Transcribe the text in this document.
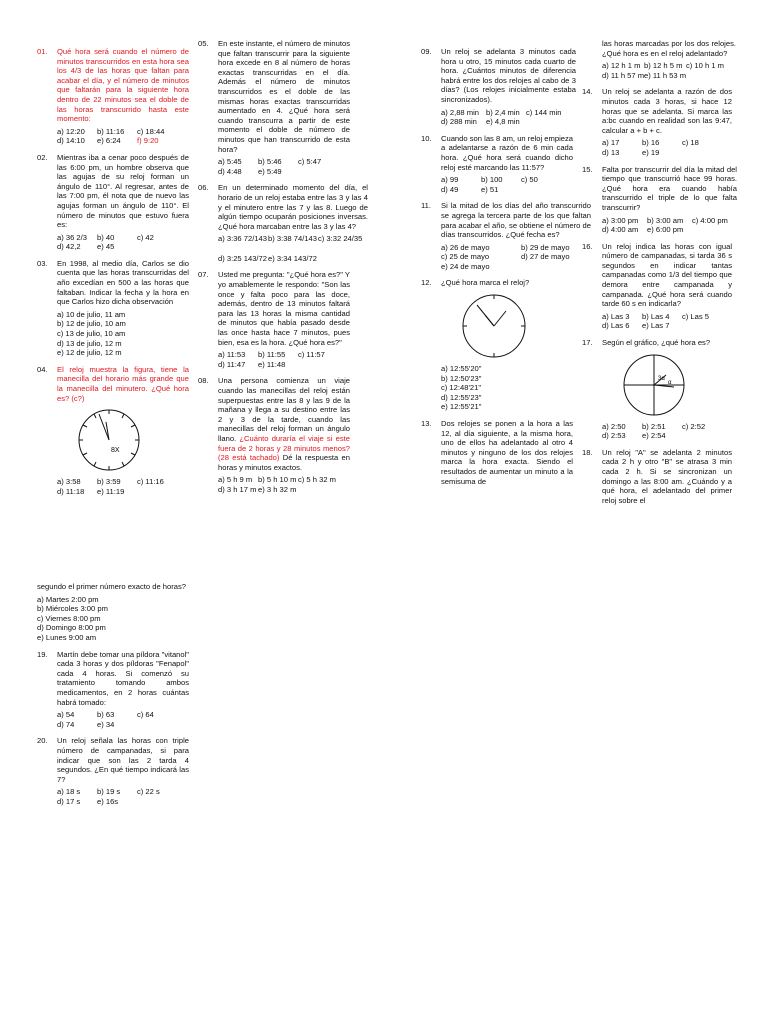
01.	Qué hora será cuando el número de minutos transcurridos en esta hora sea los 4/3 de las horas que faltan para acabar el día, y el número de minutos que faltarán para la siguiente hora dentro de 22 minutos sea el doble de las horas transcurrido hasta este momento:
a) 12:20	b) 11:16	c) 18:44
d) 14:10	e) 6:24	f) 9:20
02.	Mientras iba a cenar poco después de las 6:00 pm, un hombre observa que las agujas de su reloj forman un ángulo de 110°. Al regresar, antes de las 7:00 pm, él nota que de nuevo las agujas forman un ángulo de 110°. El número de minutos que estuvo fuera es:
a) 36 2/3	b) 40	c) 42
d) 42,2	e) 45
03.	En 1998, al medio día, Carlos se dio cuenta que las horas transcurridas del año excedían en 500 a las horas que faltaban. Indicar la fecha y la hora en que Carlos hizo dicha observación
a) 10 de julio, 11 am
b) 12 de julio, 10 am
c) 13 de julio, 10 am
d) 13 de julio, 12 m
e) 12 de julio, 12 m
04.	El reloj muestra la figura, tiene la manecilla del horario más grande que la manecilla del minutero. ¿Qué hora es? (c?)
8X
a) 3:58	b) 3:59	c) 11:16
d) 11:18	e) 11:19
segundo el primer número exacto de horas?
a) Martes 2:00 pm
b) Miércoles 3:00 pm
c) Viernes 8:00 pm
d) Domingo 8:00 pm
e) Lunes 9:00 am
19.	Martín debe tomar una píldora "vitanol" cada 3 horas y dos píldoras "Fenapol" cada 4 horas. Si comenzó su tratamiento tomando ambos medicamentos, en 2 horas cuántas habrá tomado:
a) 54	b) 63	c) 64
d) 74	e) 34
20.	Un reloj señala las horas con triple número de campanadas, si para indicar que son las 2 tarda 4 segundos. ¿En qué tiempo indicará las 7?
a) 18 s	b) 19 s	c) 22 s
d) 17 s	e) 16s
05.	En este instante, el número de minutos que faltan transcurrir para la siguiente hora excede en 8 al número de horas exactas transcurridas en el día. Además el número de minutos transcurridos es el doble de las mismas horas exactas transcurridas aumentado en 4. ¿Qué hora será cuando transcurra a partir de este momento el doble de número de minutos que han transcurrido de esta hora?
a) 5:45	b) 5:46	c) 5:47
d) 4:48	e) 5:49
06.	En un determinado momento del día, el horario de un reloj estaba entre las 3 y las 4 y el minutero entre las 7 y las 8. Luego de algún tiempo ocuparán posiciones inversas. ¿Qué hora marcaban entre las 3 y las 4?
a) 3:36 72/143 b) 3:38 74/143 c) 3:32 24/35
d) 3:25 143/72 e) 3:34 143/72
07.	Usted me pregunta: "¿Qué hora es?" Y yo amablemente le respondo: "Son las once y falta poco para las doce, además, dentro de 13 minutos faltará para las 13 horas la misma cantidad de minutos que había pasado desde las once hasta hace 7 minutos, pues bien, esa es la hora. ¿Qué hora es?"
a) 11:53	b) 11:55	c) 11:57
d) 11:47	e) 11:48
08.	Una persona comienza un viaje cuando las manecillas del reloj están superpuestas entre las 8 y las 9 de la mañana y llega a su destino entre las 2 y 3 de la tarde, cuando las manecillas del reloj forman un ángulo llano. ¿Cuánto duraría el viaje si este fuera de 2 horas y 28 minutos menos? (28 está tachado) Dé la respuesta en horas y minutos exactos.
a) 5 h 9 m b) 5 h 10 m c) 5 h 32 m
d) 3 h 17 m e) 3 h 32 m
09.	Un reloj se adelanta 3 minutos cada hora u otro, 15 minutos cada cuarto de hora. ¿Cuántos minutos de diferencia habrá entre los dos relojes al cabo de 3 días? (Los relojes inicialmente estaba sincronizados).
a) 2,88 min b) 2,4 min c) 144 min
d) 288 min	e) 4,8 min
10.	Cuando son las 8 am, un reloj empieza a adelantarse a razón de 6 min cada hora. ¿Qué hora será cuando dicho reloj esté marcando las 11:57?
a) 99	b) 100	c) 50
d) 49	e) 51
11.	Si la mitad de los días del año transcurrido se agrega la tercera parte de los que faltan para acabar el año, se obtiene el número de días transcurridos. ¿Qué fecha es?
a) 26 de mayo	b) 29 de mayo
c) 25 de mayo	d) 27 de mayo
e) 24 de mayo
12.	¿Qué hora marca el reloj?
a) 12:55'20"
b) 12:50'23"
c) 12:48'21"
d) 12:55'23"
e) 12:55'21"
13.	Dos relojes se ponen a la hora a las 12, al día siguiente, a la misma hora, uno de ellos ha adelantado al otro 4 minutos y ninguno de los dos relojes marca la hora exacta. Siendo el resultados de aumentar un minuto a la semisuma de
las horas marcadas por los dos relojes. ¿Qué hora es en el reloj adelantado?
a) 12 h 1 m b) 12 h 5 m c) 10 h 1 m
d) 11 h 57 m e) 11 h 53 m
14.	Un reloj se adelanta a razón de dos minutos cada 3 horas, si hace 12 horas que se adelanta. Si marca las a:bc cuando en realidad son las 9:47, calcular a + b + c.
a) 17	b) 16	c) 18
d) 13	e) 19
15.	Falta por transcurrir del día la mitad del tiempo que transcurrió hace 99 horas. ¿Qué hora era cuando había transcurrido el triple de lo que falta transcurrir?
a) 3:00 pm	b) 3:00 am	c) 4:00 pm
d) 4:00 am	e) 6:00 pm
16.	Un reloj indica las horas con igual número de campanadas, si tarda 36 s segundos en indicar tantas campanadas como 1/3 del tiempo que demora entre campanada y campanada. ¿Qué hora será cuando tarde 60 s en indicarla?
a) Las 3	b) Las 4	c) Las 5
d) Las 6	e) Las 7
17.	Según el gráfico, ¿qué hora es?
3α
α
a) 2:50	b) 2:51	c) 2:52
d) 2:53	e) 2:54
18.	Un reloj "A" se adelanta 2 minutos cada 2 h y otro "B" se atrasa 3 min cada 2 h. Si se sincronizan un domingo a las 8:00 am. ¿Cuándo y a qué hora, el adelantado del primer reloj sobre el
